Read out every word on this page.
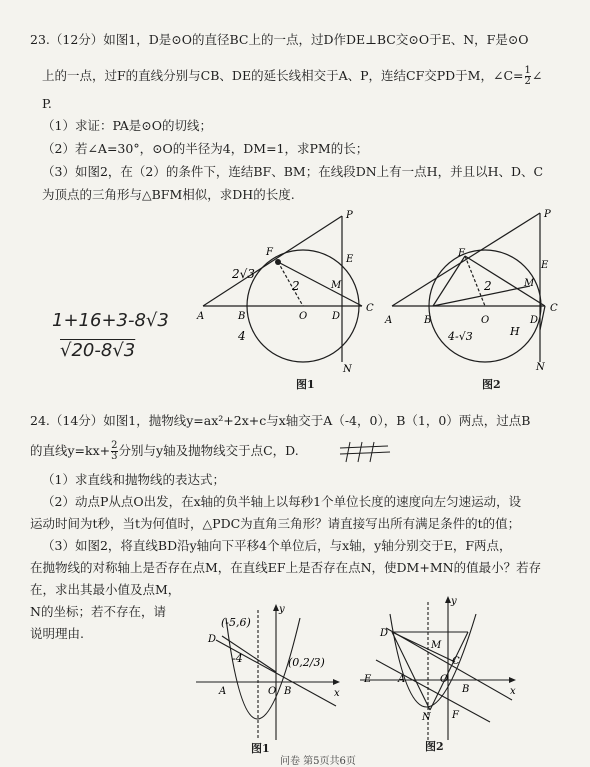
23.（12分）如图1，D是⊙O的直径BC上的一点，过D作DE⊥BC交⊙O于E、N，F是⊙O
上的一点，过F的直线分别与CB、DE的延长线相交于A、P，连结CF交PD于M，∠C= $\frac{1}{2}$ ∠
P.
（1）求证：PA是⊙O的切线；
（2）若∠A=30°，⊙O的半径为4，DM=1，求PM的长；
（3）如图2，在（2）的条件下，连结BF、BM；在线段DN上有一点H，并且以H、D、C
为顶点的三角形与△BFM相似，求DH的长度.
P
E
F
M
A	B	O D
C
N
2√3
2
4
图1
P
E
F
M
A	B	O	D
C
N
2
4-√3	H
图2
1+16+3-8√3
√20-8√3
24.（14分）如图1，抛物线y=ax²+2x+c与x轴交于A（-4，0），B（1，0）两点，过点B
的直线$y=kx+ \frac{2}{3}$ 分别与y轴及抛物线交于点C，D.
（1）求直线和抛物线的表达式；
（2）动点P从点O出发，在x轴的负半轴上以每秒1个单位长度的速度向左匀速运动，设
运动时间为t秒，当t为何值时，△PDC为直角三角形？请直接写出所有满足条件的t的值；
（3）如图2，将直线BD沿y轴向下平移4个单位后，与x轴，y轴分别交于E，F两点，
在抛物线的对称轴上是否存在点M，在直线EF上是否存在点N，使DM+MN的值最小？若存
在，求出其最小值及点M，
N的坐标；若不存在，请
说明理由.
y
x
D
A	O B
(-5,6)
(0,2/3)
-4
图1
y
x
D
E	A	O
B
C
F
M
N
图2
问卷 第5页共6页
